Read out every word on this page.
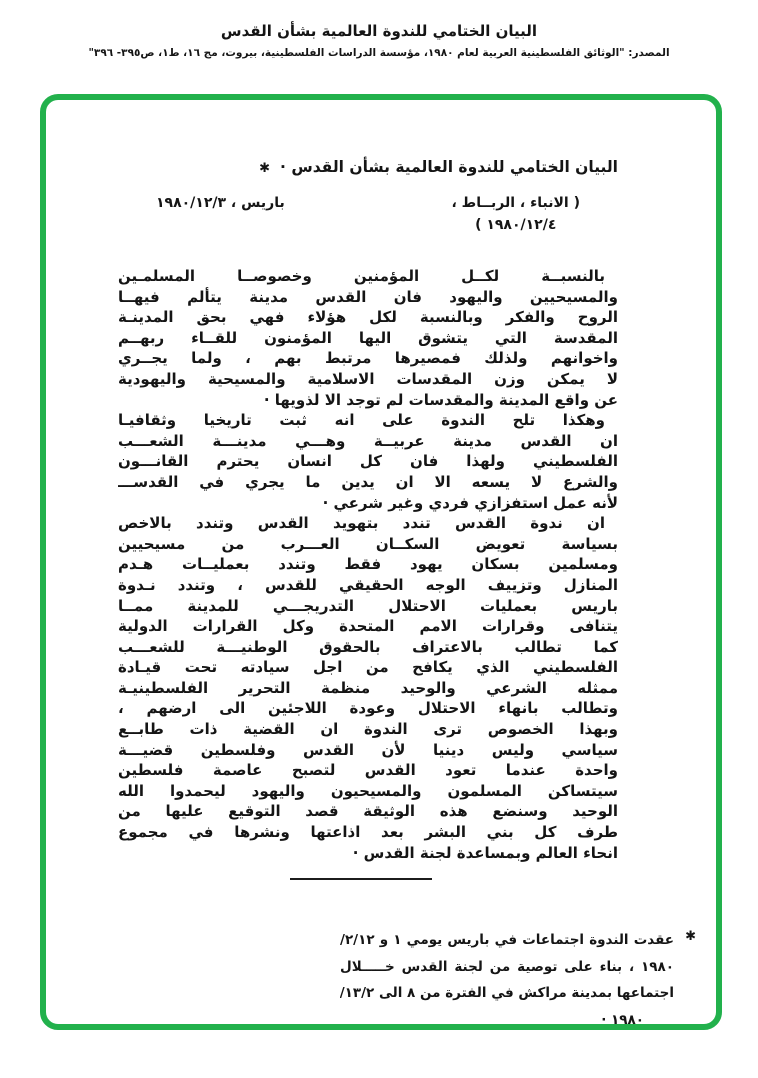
البيان الختامي للندوة العالمية بشأن القدس
المصدر: "الوثائق الفلسطينية العربية لعام ١٩٨٠، مؤسسة الدراسات الفلسطينية، بيروت، مج ١٦، ط١، ص٣٩٥- ٣٩٦"
البيان الختامي للندوة العالمية بشأن القدس ·✱
باريس ، ١٩٨٠/١٢/٣	( الانباء ، الربــاط ،
١٩٨٠/١٢/٤ )
بالنسبــة لكــل المؤمنين وخصوصــا المسلمـين
والمسيحيين واليهود فان القدس مدينة يتألم فيهــا
الروح والفكر وبالنسبة لكل هؤلاء فهي بحق المدينـة
المقدسة التي يتشوق اليها المؤمنون للقــاء ربهــم
واخوانهم ولذلك فمصيرها مرتبط بهم ، ولما يجــري
لا يمكن وزن المقدسات الاسلامية والمسيحية واليهودية
عن واقع المدينة والمقدسات لم توجد الا لذويها ·
وهكذا تلح الندوة على انه ثبت تاريخيا وثقافيـا
ان القدس مدينة عربيــة وهـــي مدينـــة الشعـــب
الفلسطيني ولهذا فان كل انسان يحترم القانـــون
والشرع لا يسعه الا ان يدين ما يجري في القدســـ
لأنه عمل استفزازي فردي وغير شرعي ·
ان ندوة القدس تندد بتهويد القدس وتندد بالاخص
بسياسة تعويض السكــان العـــرب من مسيحيين
ومسلمين بسكان يهود فقط وتندد بعمليــات هـدم
المنازل وتزييف الوجه الحقيقي للقدس ، وتندد نـدوة
باريس بعمليات الاحتلال التدريجـــي للمدينة ممــا
يتنافى وقرارات الامم المتحدة وكل القرارات الدولية
كما تطالب بالاعتراف بالحقوق الوطنيـــة للشعـــب
الفلسطيني الذي يكافح من اجل سيادته تحت قيـادة
ممثله الشرعي والوحيد منظمة التحرير الفلسطينيـة
وتطالب بانهاء الاحتلال وعودة اللاجئين الى ارضهم ،
وبهذا الخصوص ترى الندوة ان القضية ذات طابــع
سياسي وليس دينيا لأن القدس وفلسطين قضيـــة
واحدة عندما تعود القدس لتصبح عاصمة فلسطين
سيتساكن المسلمون والمسيحيون واليهود ليحمدوا الله
الوحيد وسنضع هذه الوثيقة قصد التوقيع عليها من
طرف كل بني البشر بعد اذاعتها ونشرها في مجموع
انحاء العالم وبمساعدة لجنة القدس ·
✱
عقدت الندوة اجتماعات في باريس يومي ١ و ٢/١٢/
١٩٨٠ ، بناء على توصية من لجنة القدس خـــــلال
اجتماعها بمدينة مراكش في الفترة من ٨ الى ١٣/٢/
١٩٨٠ ·
